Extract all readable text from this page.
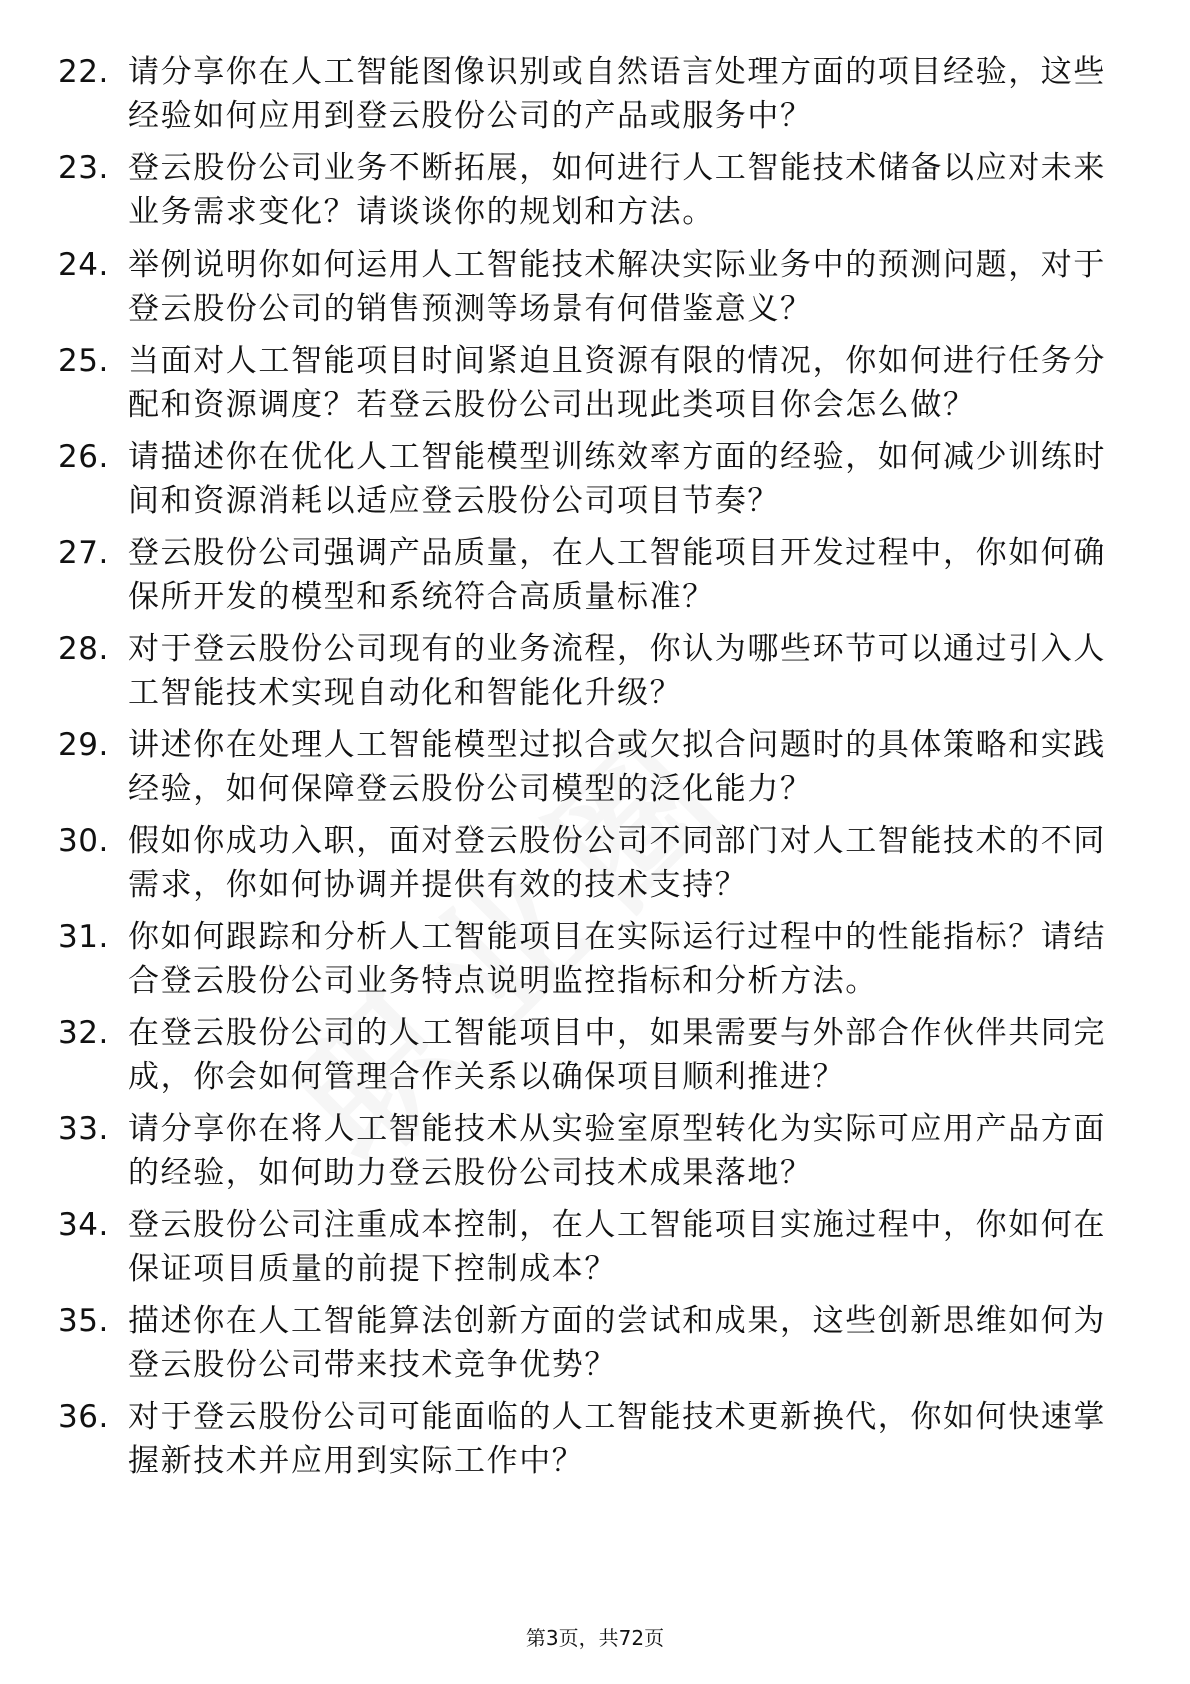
22. 请分享你在人工智能图像识别或自然语言处理方面的项目经验，这些经验如何应用到登云股份公司的产品或服务中？
23. 登云股份公司业务不断拓展，如何进行人工智能技术储备以应对未来业务需求变化？请谈谈你的规划和方法。
24. 举例说明你如何运用人工智能技术解决实际业务中的预测问题，对于登云股份公司的销售预测等场景有何借鉴意义？
25. 当面对人工智能项目时间紧迫且资源有限的情况，你如何进行任务分配和资源调度？若登云股份公司出现此类项目你会怎么做？
26. 请描述你在优化人工智能模型训练效率方面的经验，如何减少训练时间和资源消耗以适应登云股份公司项目节奏？
27. 登云股份公司强调产品质量，在人工智能项目开发过程中，你如何确保所开发的模型和系统符合高质量标准？
28. 对于登云股份公司现有的业务流程，你认为哪些环节可以通过引入人工智能技术实现自动化和智能化升级？
29. 讲述你在处理人工智能模型过拟合或欠拟合问题时的具体策略和实践经验，如何保障登云股份公司模型的泛化能力？
30. 假如你成功入职，面对登云股份公司不同部门对人工智能技术的不同需求，你如何协调并提供有效的技术支持？
31. 你如何跟踪和分析人工智能项目在实际运行过程中的性能指标？请结合登云股份公司业务特点说明监控指标和分析方法。
32. 在登云股份公司的人工智能项目中，如果需要与外部合作伙伴共同完成，你会如何管理合作关系以确保项目顺利推进？
33. 请分享你在将人工智能技术从实验室原型转化为实际可应用产品方面的经验，如何助力登云股份公司技术成果落地？
34. 登云股份公司注重成本控制，在人工智能项目实施过程中，你如何在保证项目质量的前提下控制成本？
35. 描述你在人工智能算法创新方面的尝试和成果，这些创新思维如何为登云股份公司带来技术竞争优势？
36. 对于登云股份公司可能面临的人工智能技术更新换代，你如何快速掌握新技术并应用到实际工作中？
第3页，共72页
